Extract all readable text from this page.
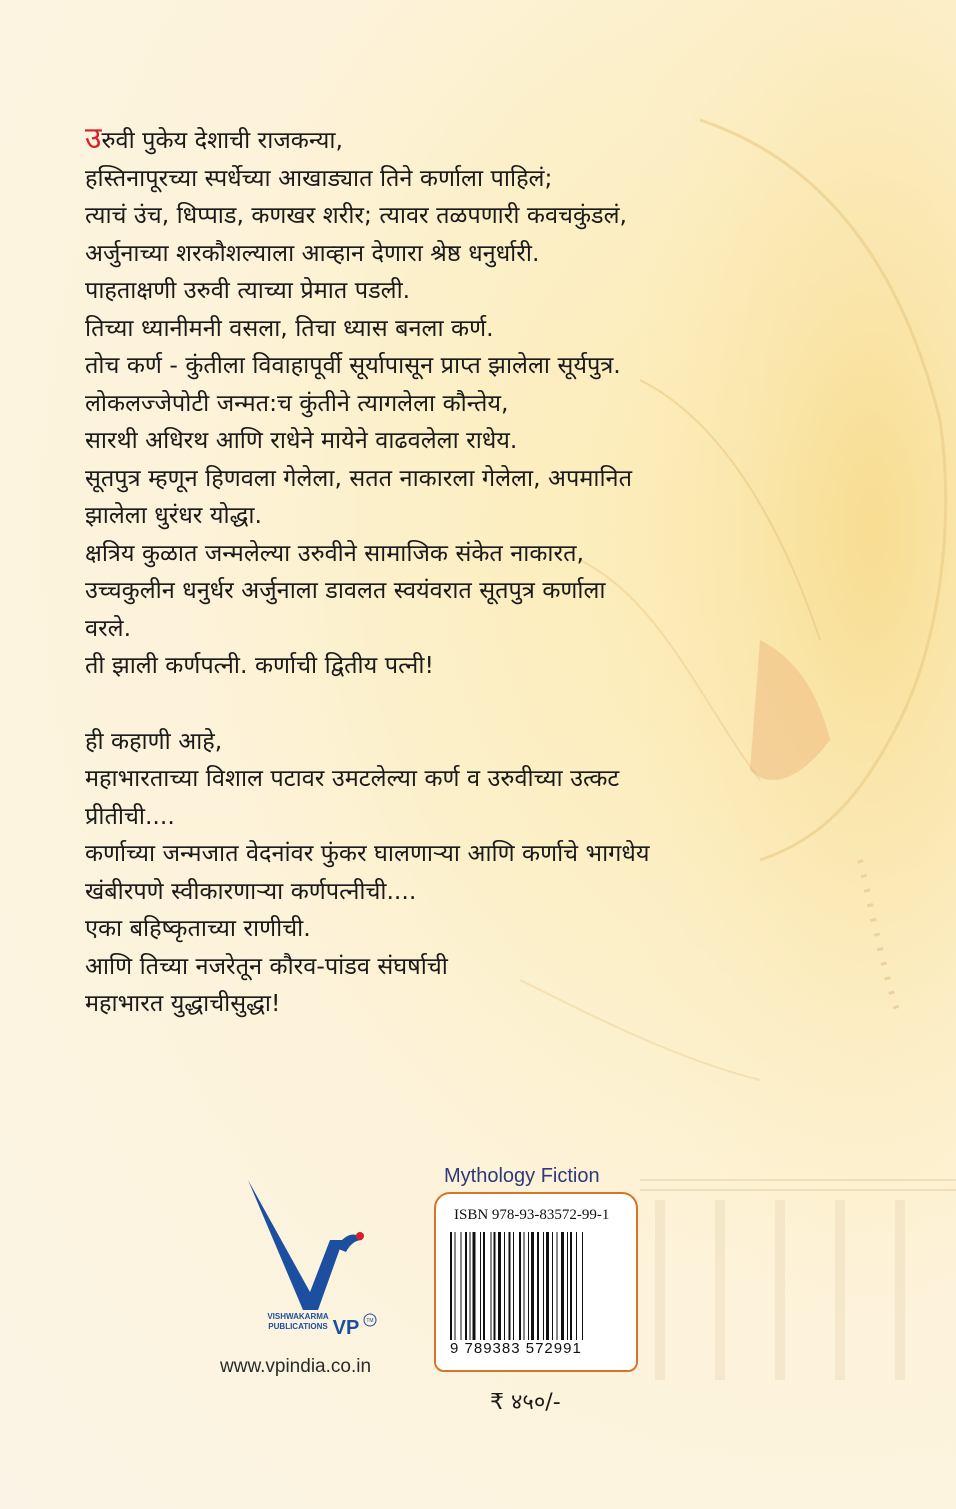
उरुवी पुकेय देशाची राजकन्या,
हस्तिनापूरच्या स्पर्धेच्या आखाड्यात तिने कर्णाला पाहिलं;
त्याचं उंच, धिप्पाड, कणखर शरीर; त्यावर तळपणारी कवचकुंडलं,
अर्जुनाच्या शरकौशल्याला आव्हान देणारा श्रेष्ठ धनुर्धारी.
पाहताक्षणी उरुवी त्याच्या प्रेमात पडली.
तिच्या ध्यानीमनी वसला, तिचा ध्यास बनला कर्ण.
तोच कर्ण - कुंतीला विवाहापूर्वी सूर्यापासून प्राप्त झालेला सूर्यपुत्र.
लोकलज्जेपोटी जन्मत:च कुंतीने त्यागलेला कौन्तेय,
सारथी अधिरथ आणि राधेने मायेने वाढवलेला राधेय.
सूतपुत्र म्हणून हिणवला गेलेला, सतत नाकारला गेलेला, अपमानित
झालेला धुरंधर योद्धा.
क्षत्रिय कुळात जन्मलेल्या उरुवीने सामाजिक संकेत नाकारत,
उच्चकुलीन धनुर्धर अर्जुनाला डावलत स्वयंवरात सूतपुत्र कर्णाला
वरले.
ती झाली कर्णपत्नी. कर्णाची द्वितीय पत्नी!
ही कहाणी आहे,
महाभारताच्या विशाल पटावर उमटलेल्या कर्ण व उरुवीच्या उत्कट
प्रीतीची....
कर्णाच्या जन्मजात वेदनांवर फुंकर घालणाऱ्या आणि कर्णाचे भागधेय
खंबीरपणे स्वीकारणाऱ्या कर्णपत्नीची....
एका बहिष्कृताच्या राणीची.
आणि तिच्या नजरेतून कौरव-पांडव संघर्षाची
महाभारत युद्धाचीसुद्धा!
VISHWAKARMA
PUBLICATIONS VP TM
www.vpindia.co.in
Mythology Fiction
ISBN 978-93-83572-99-1
9 789383 572991
₹ ४५०/-
